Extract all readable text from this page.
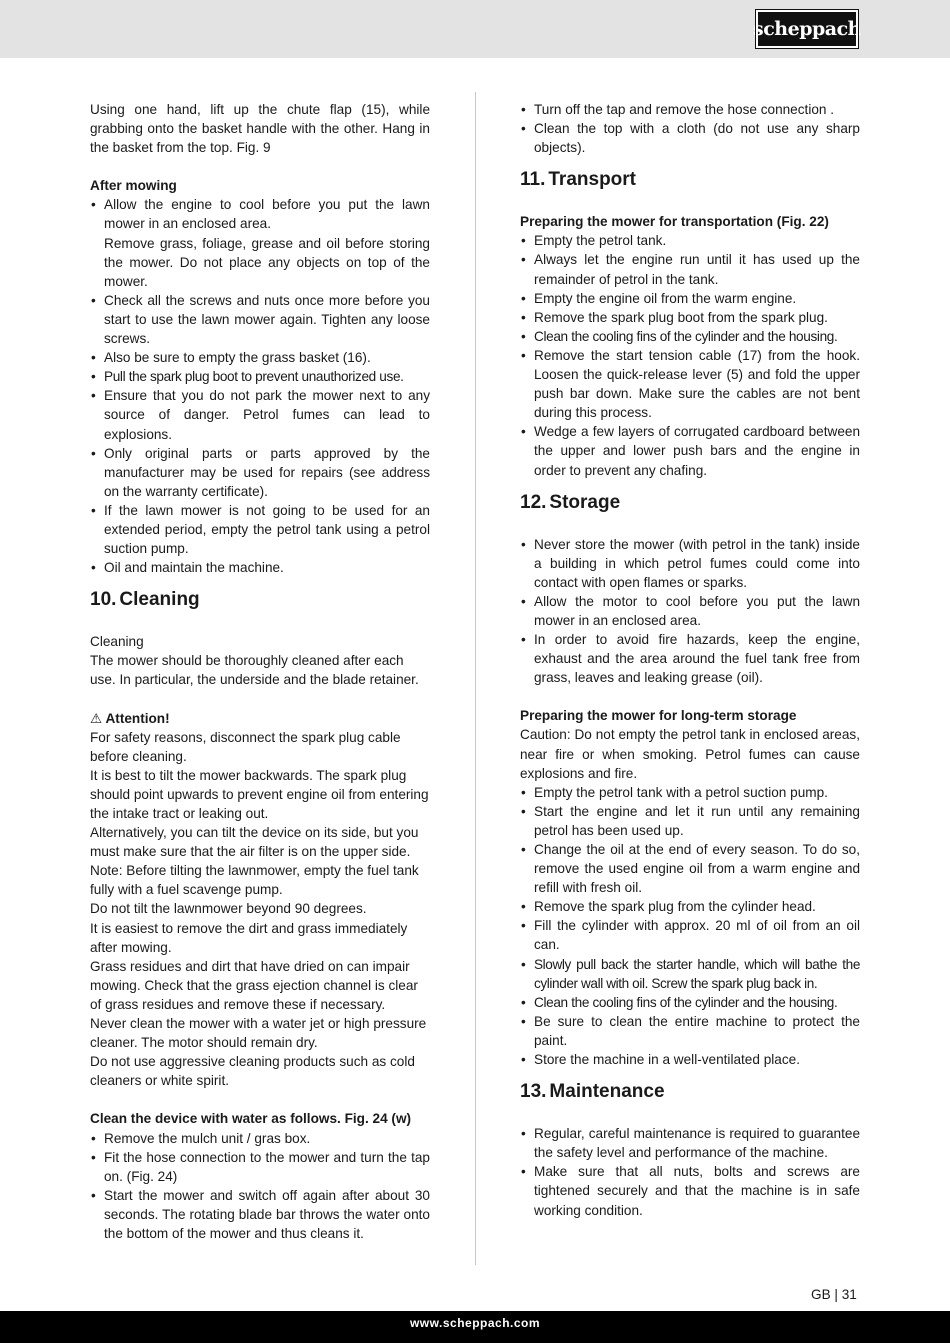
scheppach

Using one hand, lift up the chute flap (15), while grabbing onto the basket handle with the other. Hang in the basket from the top. Fig. 9

After mowing

• Allow the engine to cool before you put the lawn mower in an enclosed area.

Remove grass, foliage, grease and oil before storing the mower. Do not place any objects on top of the mower.
• Check all the screws and nuts once more before you start to use the lawn mower again. Tighten any loose screws.
• Also be sure to empty the grass basket (16).
• Pull the spark plug boot to prevent unauthorized use.
• Ensure that you do not park the mower next to any source of danger. Petrol fumes can lead to explosions.
• Only original parts or parts approved by the manufacturer may be used for repairs (see address on the warranty certificate).
• If the lawn mower is not going to be used for an extended period, empty the petrol tank using a petrol suction pump.
• Oil and maintain the machine.
10. Cleaning

Cleaning

The mower should be thoroughly cleaned after each use. In particular, the underside and the blade retainer.

⚠ Attention!

For safety reasons, disconnect the spark plug cable before cleaning.

It is best to tilt the mower backwards. The spark plug should point upwards to prevent engine oil from entering the intake tract or leaking out.

Alternatively, you can tilt the device on its side, but you must make sure that the air filter is on the upper side.

Note: Before tilting the lawnmower, empty the fuel tank fully with a fuel scavenge pump.

Do not tilt the lawnmower beyond 90 degrees.

It is easiest to remove the dirt and grass immediately after mowing.

Grass residues and dirt that have dried on can impair mowing. Check that the grass ejection channel is clear of grass residues and remove these if necessary.

Never clean the mower with a water jet or high pressure cleaner. The motor should remain dry.

Do not use aggressive cleaning products such as cold cleaners or white spirit.

Clean the device with water as follows. Fig. 24 (w)

• Remove the mulch unit / gras box.
• Fit the hose connection to the mower and turn the tap on. (Fig. 24)
• Start the mower and switch off again after about 30 seconds. The rotating blade bar throws the water onto the bottom of the mower and thus cleans it.
• Turn off the tap and remove the hose connection .
• Clean the top with a cloth (do not use any sharp objects).
11. Transport

Preparing the mower for transportation (Fig. 22)

• Empty the petrol tank.
• Always let the engine run until it has used up the remainder of petrol in the tank.
• Empty the engine oil from the warm engine.
• Remove the spark plug boot from the spark plug.
• Clean the cooling fins of the cylinder and the housing.
• Remove the start tension cable (17) from the hook. Loosen the quick-release lever (5) and fold the upper push bar down. Make sure the cables are not bent during this process.
• Wedge a few layers of corrugated cardboard between the upper and lower push bars and the engine in order to prevent any chafing.
12. Storage
• Never store the mower (with petrol in the tank) inside a building in which petrol fumes could come into contact with open flames or sparks.
• Allow the motor to cool before you put the lawn mower in an enclosed area.
• In order to avoid fire hazards, keep the engine, exhaust and the area around the fuel tank free from grass, leaves and leaking grease (oil).

Preparing the mower for long-term storage

Caution: Do not empty the petrol tank in enclosed areas, near fire or when smoking. Petrol fumes can cause explosions and fire.

• Empty the petrol tank with a petrol suction pump.
• Start the engine and let it run until any remaining petrol has been used up.
• Change the oil at the end of every season. To do so, remove the used engine oil from a warm engine and refill with fresh oil.
• Remove the spark plug from the cylinder head.
• Fill the cylinder with approx. 20 ml of oil from an oil can.
• Slowly pull back the starter handle, which will bathe the cylinder wall with oil. Screw the spark plug back in.
• Clean the cooling fins of the cylinder and the housing.
• Be sure to clean the entire machine to protect the paint.
• Store the machine in a well-ventilated place.
13. Maintenance
• Regular, careful maintenance is required to guarantee the safety level and performance of the machine.
• Make sure that all nuts, bolts and screws are tightened securely and that the machine is in safe working condition.
GB | 31
www.scheppach.com
